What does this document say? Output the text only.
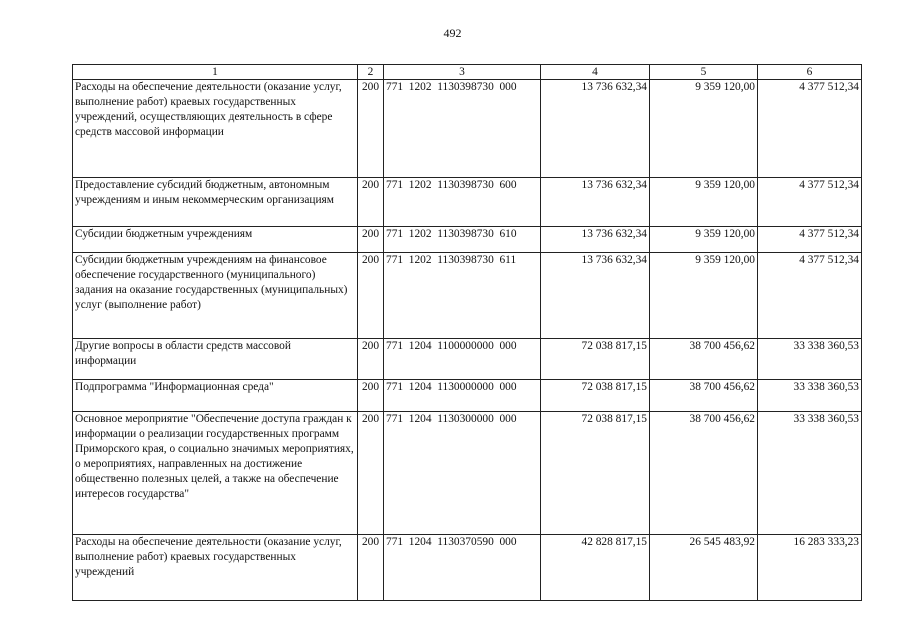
492
1	2	3	4	5	6
Расходы на обеспечение деятельности (оказание услуг, выполнение работ) краевых государственных учреждений, осуществляющих деятельность в сфере средств массовой информации	200	771  1202  1130398730  000	13 736 632,34	9 359 120,00	4 377 512,34
Предоставление субсидий бюджетным, автономным учреждениям и иным некоммерческим организациям	200	771  1202  1130398730  600	13 736 632,34	9 359 120,00	4 377 512,34
Субсидии бюджетным учреждениям	200	771  1202  1130398730  610	13 736 632,34	9 359 120,00	4 377 512,34
Субсидии бюджетным учреждениям на финансовое обеспечение государственного (муниципального) задания на оказание государственных (муниципальных) услуг (выполнение работ)	200	771  1202  1130398730  611	13 736 632,34	9 359 120,00	4 377 512,34
Другие вопросы в области средств массовой информации	200	771  1204  1100000000  000	72 038 817,15	38 700 456,62	33 338 360,53
Подпрограмма "Информационная среда"	200	771  1204  1130000000  000	72 038 817,15	38 700 456,62	33 338 360,53
Основное мероприятие "Обеспечение доступа граждан к информации о реализации государственных программ Приморского края, о социально значимых мероприятиях, о мероприятиях, направленных на достижение общественно полезных целей, а также на обеспечение интересов государства"	200	771  1204  1130300000  000	72 038 817,15	38 700 456,62	33 338 360,53
Расходы на обеспечение деятельности (оказание услуг, выполнение работ) краевых государственных учреждений	200	771  1204  1130370590  000	42 828 817,15	26 545 483,92	16 283 333,23
